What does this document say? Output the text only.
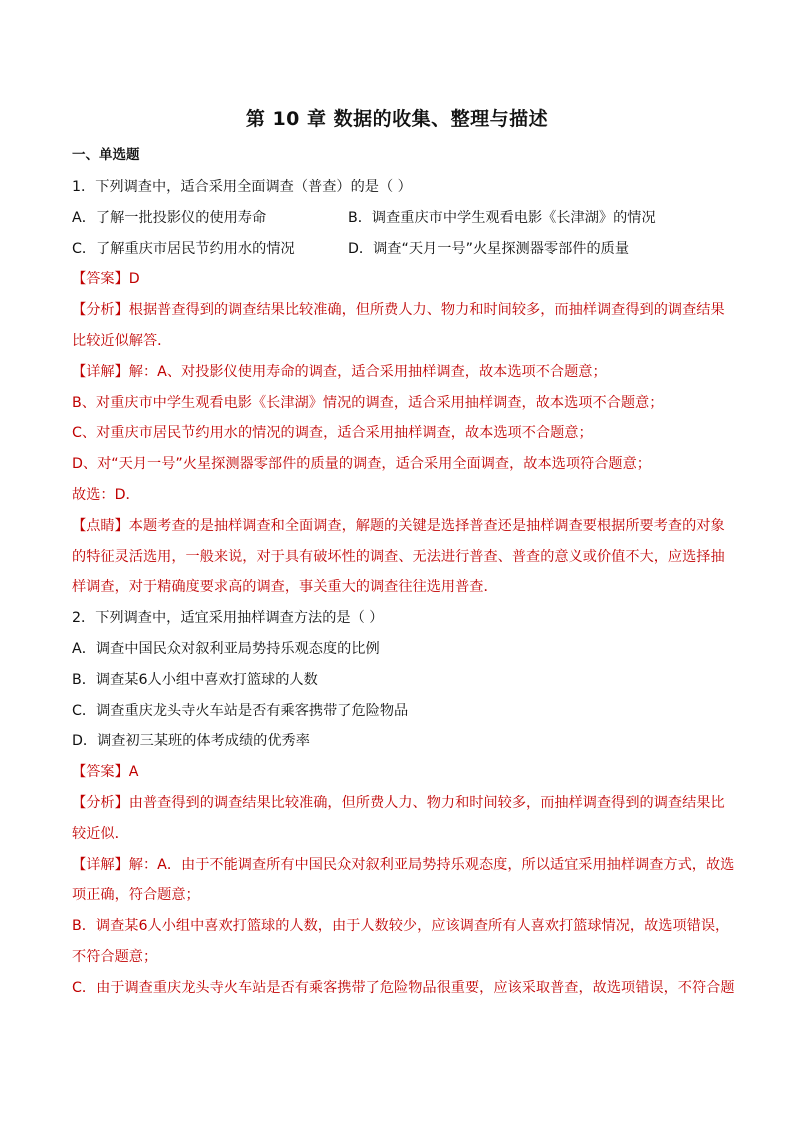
第 10 章 数据的收集、整理与描述
一、单选题
1．下列调查中，适合采用全面调查（普查）的是（ ）
A．了解一批投影仪的使用寿命	B．调查重庆市中学生观看电影《长津湖》的情况
C．了解重庆市居民节约用水的情况	D．调查“天月一号”火星探测器零部件的质量
【答案】D
【分析】根据普查得到的调查结果比较准确，但所费人力、物力和时间较多，而抽样调查得到的调查结果
比较近似解答．
【详解】解：A、对投影仪使用寿命的调查，适合采用抽样调查，故本选项不合题意；
B、对重庆市中学生观看电影《长津湖》情况的调查，适合采用抽样调查，故本选项不合题意；
C、对重庆市居民节约用水的情况的调查，适合采用抽样调查，故本选项不合题意；
D、对“天月一号”火星探测器零部件的质量的调查，适合采用全面调查，故本选项符合题意；
故选：D．
【点睛】本题考查的是抽样调查和全面调查，解题的关键是选择普查还是抽样调查要根据所要考查的对象
的特征灵活选用，一般来说，对于具有破坏性的调查、无法进行普查、普查的意义或价值不大，应选择抽
样调查，对于精确度要求高的调查，事关重大的调查往往选用普查．
2．下列调查中，适宜采用抽样调查方法的是（ ）
A．调查中国民众对叙利亚局势持乐观态度的比例
B．调查某6人小组中喜欢打篮球的人数
C．调查重庆龙头寺火车站是否有乘客携带了危险物品
D．调查初三某班的体考成绩的优秀率
【答案】A
【分析】由普查得到的调查结果比较准确，但所费人力、物力和时间较多，而抽样调查得到的调查结果比
较近似．
【详解】解：A．由于不能调查所有中国民众对叙利亚局势持乐观态度，所以适宜采用抽样调查方式，故选
项正确，符合题意；
B．调查某6人小组中喜欢打篮球的人数，由于人数较少，应该调查所有人喜欢打篮球情况，故选项错误，
不符合题意；
C．由于调查重庆龙头寺火车站是否有乘客携带了危险物品很重要，应该采取普查，故选项错误，不符合题
